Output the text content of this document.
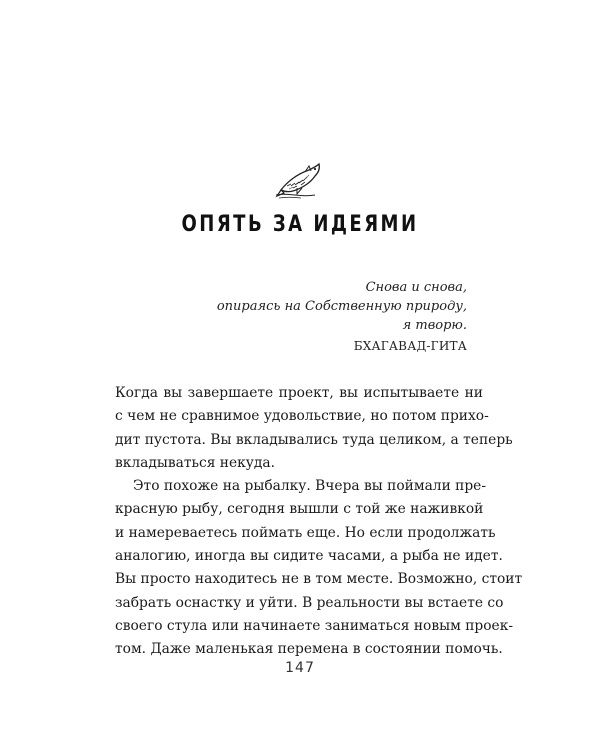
ОПЯТЬ ЗА ИДЕЯМИ
Снова и снова,
опираясь на Собственную природу,
я творю.
БХАГАВАД-ГИТА
Когда вы завершаете проект, вы испытываете ни
с чем не сравнимое удовольствие, но потом прихо-
дит пустота. Вы вкладывались туда целиком, а теперь
вкладываться некуда.
Это похоже на рыбалку. Вчера вы поймали пре-
красную рыбу, сегодня вышли с той же наживкой
и намереваетесь поймать еще. Но если продолжать
аналогию, иногда вы сидите часами, а рыба не идет.
Вы просто находитесь не в том месте. Возможно, стоит
забрать оснастку и уйти. В реальности вы встаете со
своего стула или начинаете заниматься новым проек-
том. Даже маленькая перемена в состоянии помочь.
147
